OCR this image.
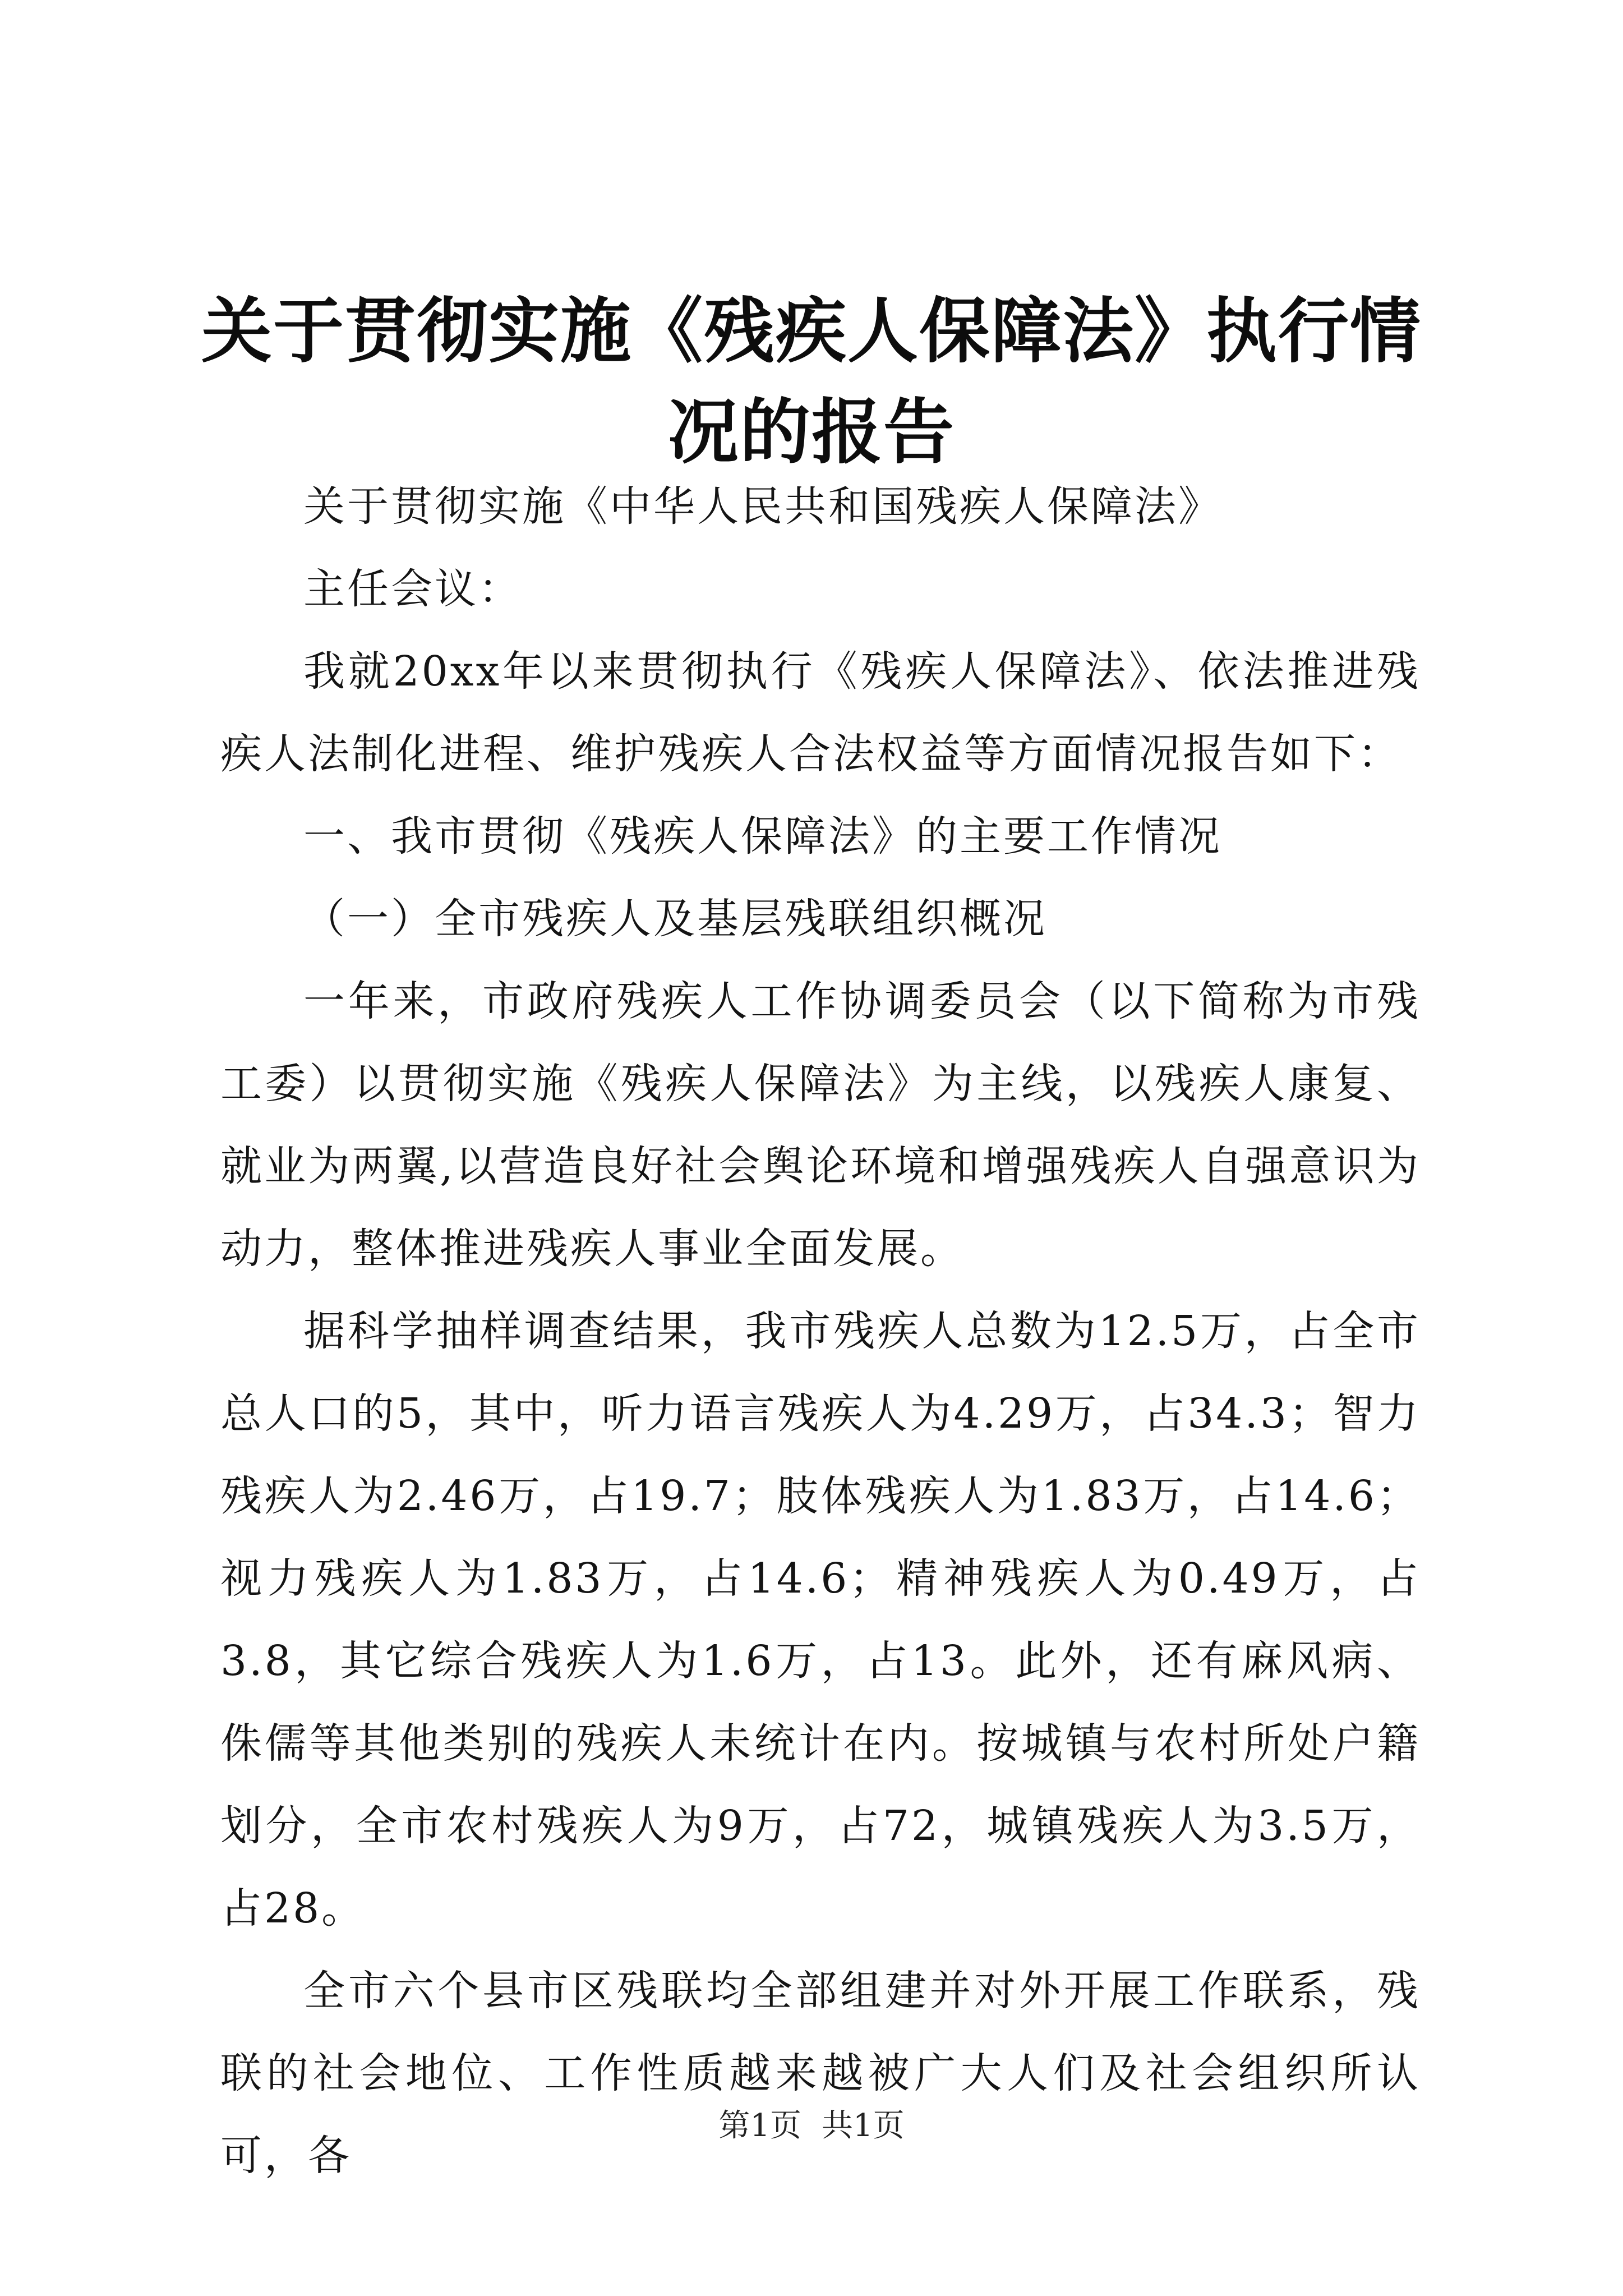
关于贯彻实施《残疾人保障法》执行情况的报告

关于贯彻实施《中华人民共和国残疾人保障法》

主任会议：

我就20xx年以来贯彻执行《残疾人保障法》、依法推进残疾人法制化进程、维护残疾人合法权益等方面情况报告如下：

一、我市贯彻《残疾人保障法》的主要工作情况

（一）全市残疾人及基层残联组织概况

一年来，市政府残疾人工作协调委员会（以下简称为市残工委）以贯彻实施《残疾人保障法》为主线，以残疾人康复、就业为两翼,以营造良好社会舆论环境和增强残疾人自强意识为动力，整体推进残疾人事业全面发展。

据科学抽样调查结果，我市残疾人总数为12.5万，占全市总人口的5，其中，听力语言残疾人为4.29万，占34.3；智力残疾人为2.46万，占19.7；肢体残疾人为1.83万，占14.6；视力残疾人为1.83万，占14.6；精神残疾人为0.49万，占3.8，其它综合残疾人为1.6万，占13。此外，还有麻风病、侏儒等其他类别的残疾人未统计在内。按城镇与农村所处户籍划分，全市农村残疾人为9万，占72，城镇残疾人为3.5万，占28。

全市六个县市区残联均全部组建并对外开展工作联系，残联的社会地位、工作性质越来越被广大人们及社会组织所认可，各

第1页 共1页
